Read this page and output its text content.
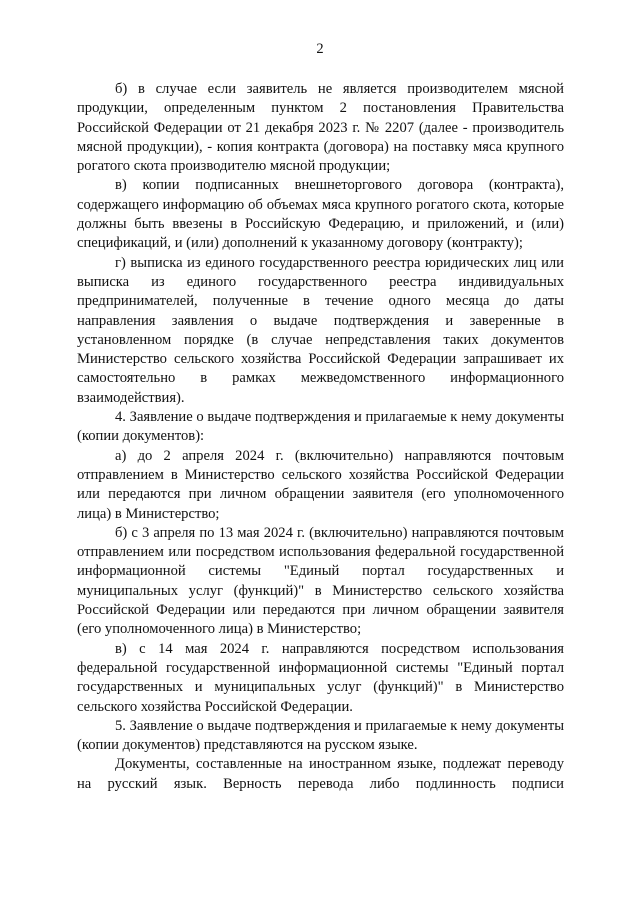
2

б) в случае если заявитель не является производителем мясной продукции, определенным пунктом 2 постановления Правительства Российской Федерации от 21 декабря 2023 г. № 2207 (далее - производитель мясной продукции), - копия контракта (договора) на поставку мяса крупного рогатого скота производителю мясной продукции;

в) копии подписанных внешнеторгового договора (контракта), содержащего информацию об объемах мяса крупного рогатого скота, которые должны быть ввезены в Российскую Федерацию, и приложений, и (или) спецификаций, и (или) дополнений к указанному договору (контракту);

г) выписка из единого государственного реестра юридических лиц или выписка из единого государственного реестра индивидуальных предпринимателей, полученные в течение одного месяца до даты направления заявления о выдаче подтверждения и заверенные в установленном порядке (в случае непредставления таких документов Министерство сельского хозяйства Российской Федерации запрашивает их самостоятельно в рамках межведомственного информационного взаимодействия).

4. Заявление о выдаче подтверждения и прилагаемые к нему документы (копии документов):

а) до 2 апреля 2024 г. (включительно) направляются почтовым отправлением в Министерство сельского хозяйства Российской Федерации или передаются при личном обращении заявителя (его уполномоченного лица) в Министерство;

б) с 3 апреля по 13 мая 2024 г. (включительно) направляются почтовым отправлением или посредством использования федеральной государственной информационной системы "Единый портал государственных и муниципальных услуг (функций)" в Министерство сельского хозяйства Российской Федерации или передаются при личном обращении заявителя (его уполномоченного лица) в Министерство;

в) с 14 мая 2024 г. направляются посредством использования федеральной государственной информационной системы "Единый портал государственных и муниципальных услуг (функций)" в Министерство сельского хозяйства Российской Федерации.

5. Заявление о выдаче подтверждения и прилагаемые к нему документы (копии документов) представляются на русском языке.

Документы, составленные на иностранном языке, подлежат переводу на русский язык. Верность перевода либо подлинность подписи
